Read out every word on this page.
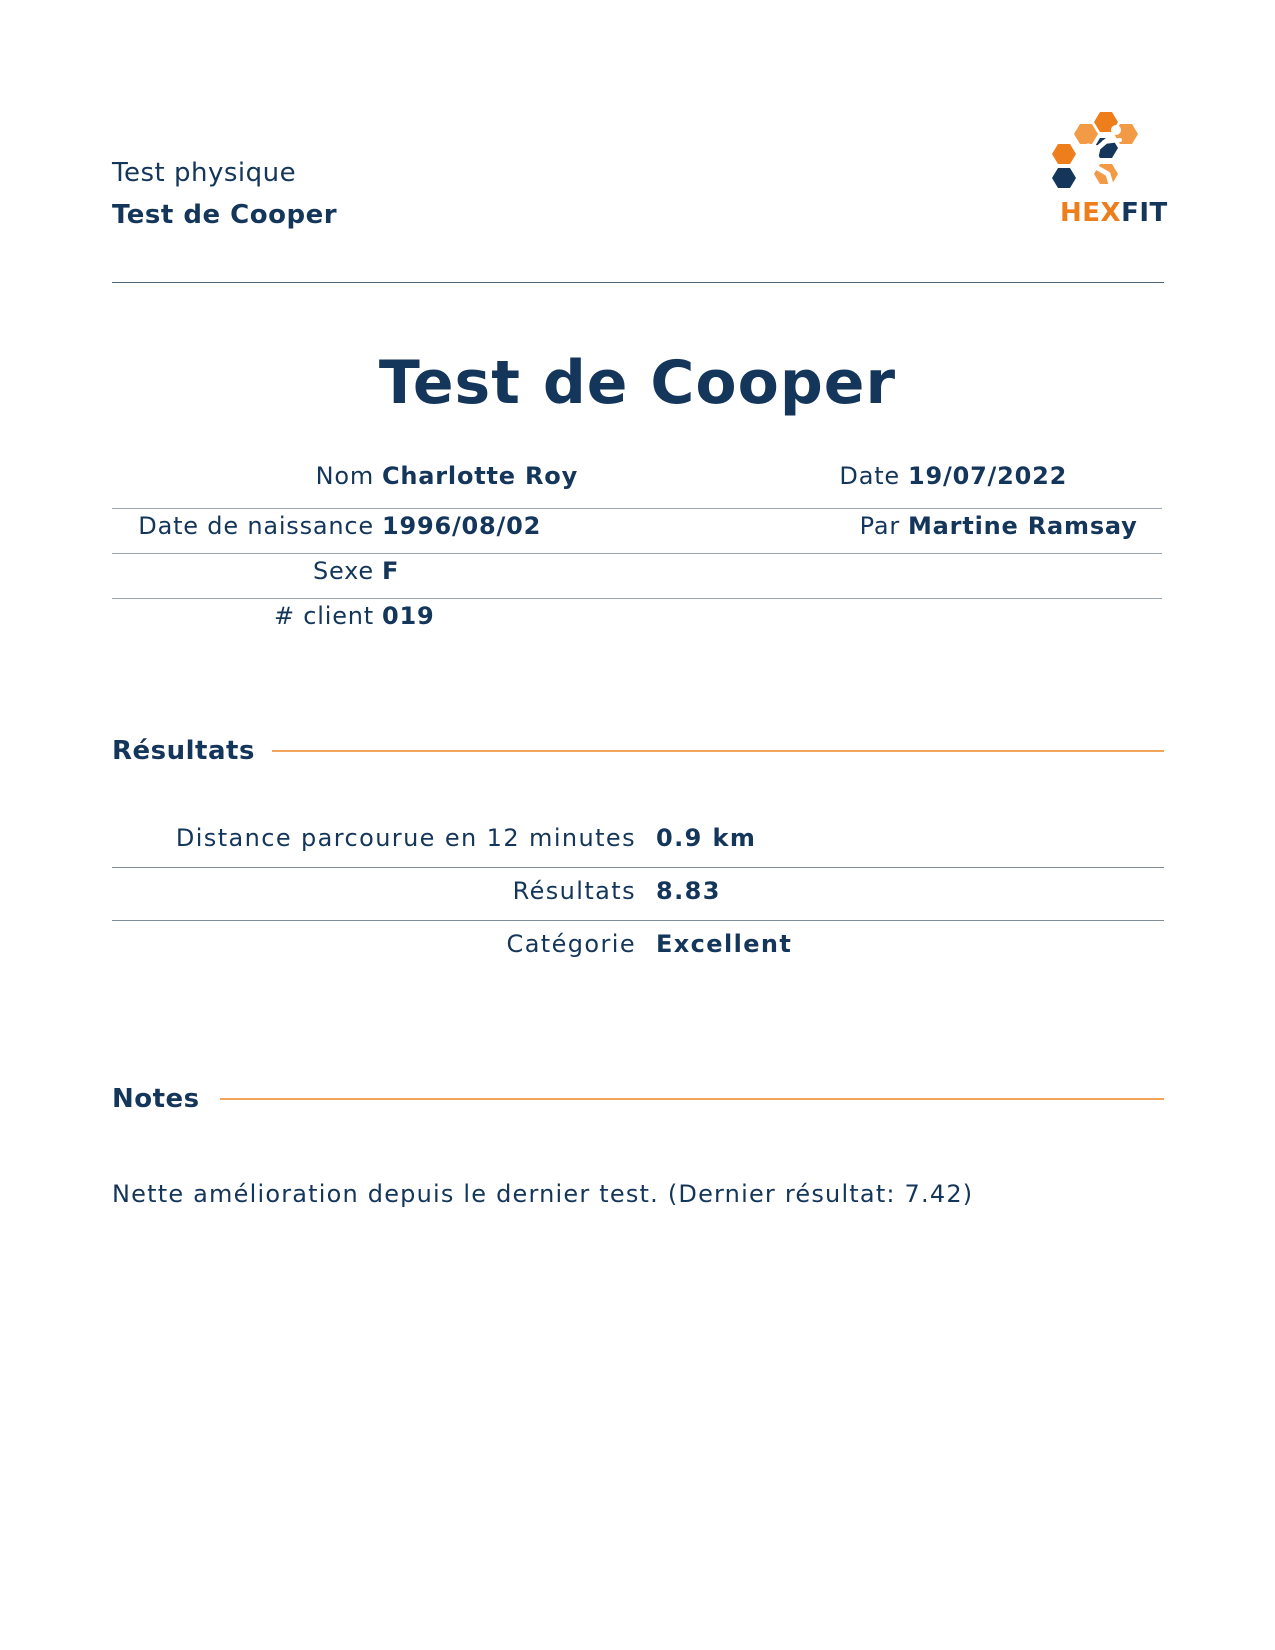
Test physique
Test de Cooper	HEXFIT
Test de Cooper
Nom Charlotte Roy	Date 19/07/2022
Date de naissance 1996/08/02	Par Martine Ramsay
Sexe F
# client 019
Résultats
Distance parcourue en 12 minutes 0.9 km
Résultats 8.83
Catégorie Excellent
Notes
Nette amélioration depuis le dernier test. (Dernier résultat: 7.42)
